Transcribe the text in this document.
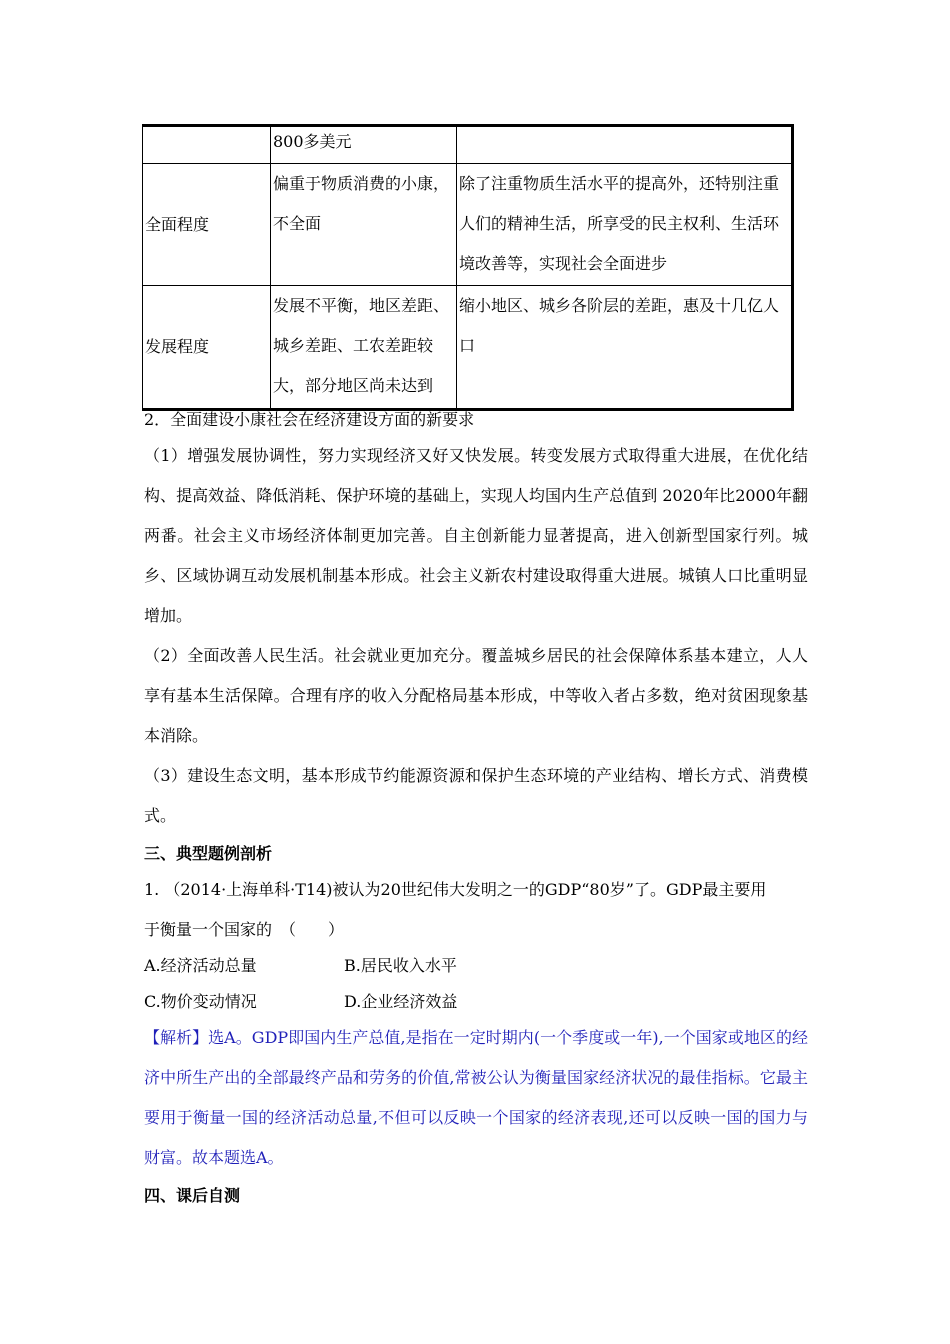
	800多美元	
全面程度	偏重于物质消费的小康，不全面	除了注重物质生活水平的提高外，还特别注重人们的精神生活，所享受的民主权利、生活环境改善等，实现社会全面进步
发展程度	发展不平衡，地区差距、城乡差距、工农差距较大，部分地区尚未达到	缩小地区、城乡各阶层的差距，惠及十几亿人口
2．全面建设小康社会在经济建设方面的新要求
（1）增强发展协调性，努力实现经济又好又快发展。转变发展方式取得重大进展，在优化结构、提高效益、降低消耗、保护环境的基础上，实现人均国内生产总值到 2020年比2000年翻两番。社会主义市场经济体制更加完善。自主创新能力显著提高，进入创新型国家行列。城乡、区域协调互动发展机制基本形成。社会主义新农村建设取得重大进展。城镇人口比重明显增加。
（2）全面改善人民生活。社会就业更加充分。覆盖城乡居民的社会保障体系基本建立，人人享有基本生活保障。合理有序的收入分配格局基本形成，中等收入者占多数，绝对贫困现象基本消除。
（3）建设生态文明，基本形成节约能源资源和保护生态环境的产业结构、增长方式、消费模式。
三、典型题例剖析
1. （2014·上海单科·T14)被认为20世纪伟大发明之一的GDP“80岁”了。GDP最主要用
于衡量一个国家的　（　　）
A.经济活动总量	B.居民收入水平
C.物价变动情况	D.企业经济效益
【解析】选A。GDP即国内生产总值,是指在一定时期内(一个季度或一年),一个国家或地区的经济中所生产出的全部最终产品和劳务的价值,常被公认为衡量国家经济状况的最佳指标。它最主要用于衡量一国的经济活动总量,不但可以反映一个国家的经济表现,还可以反映一国的国力与财富。故本题选A。
四、课后自测
